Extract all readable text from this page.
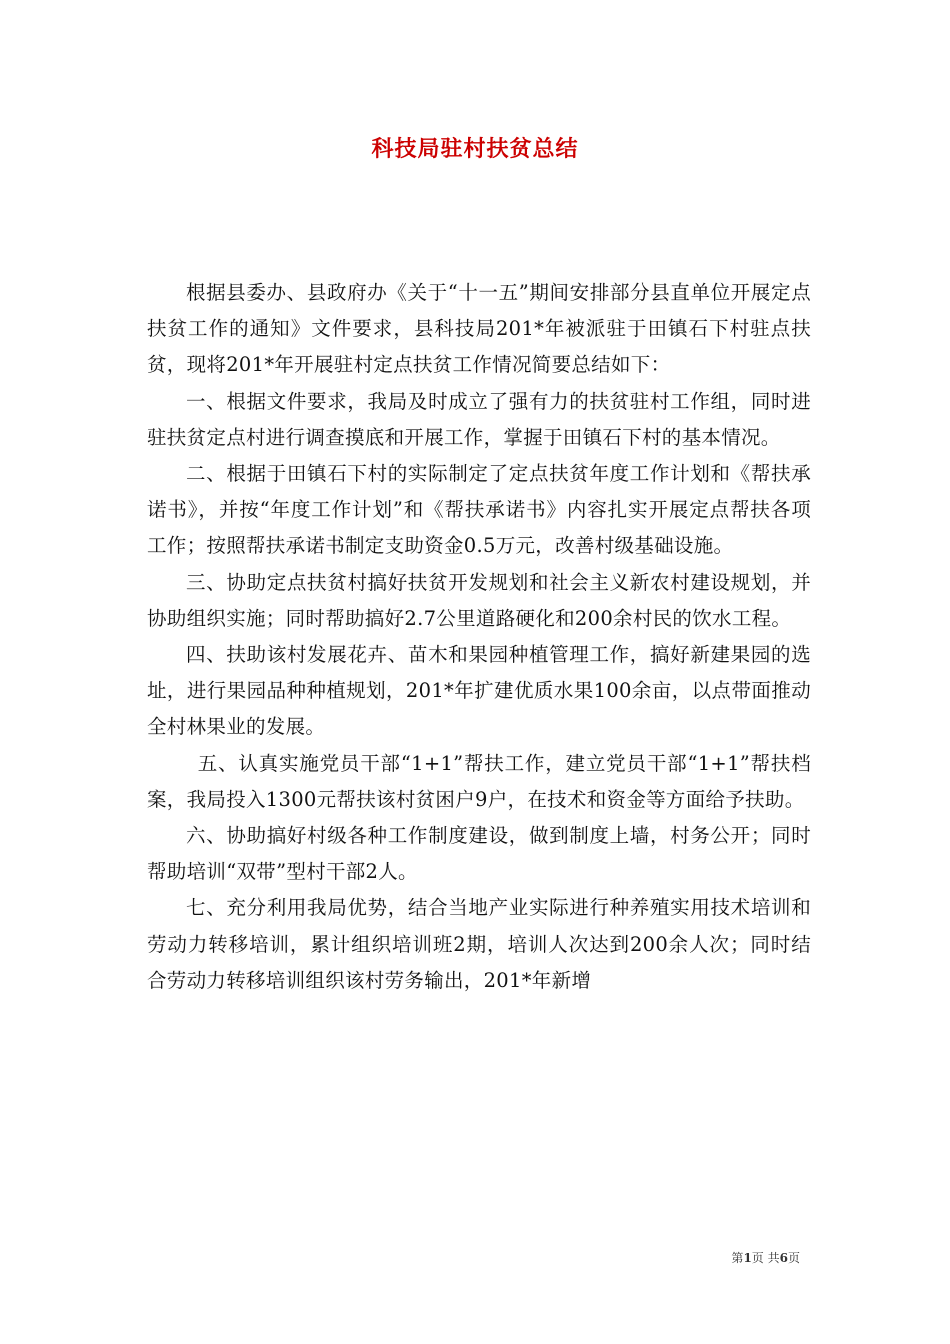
科技局驻村扶贫总结

根据县委办、县政府办《关于“十一五”期间安排部分县直单位开展定点扶贫工作的通知》文件要求，县科技局201*年被派驻于田镇石下村驻点扶贫，现将201*年开展驻村定点扶贫工作情况简要总结如下：

一、根据文件要求，我局及时成立了强有力的扶贫驻村工作组，同时进驻扶贫定点村进行调查摸底和开展工作，掌握于田镇石下村的基本情况。

二、根据于田镇石下村的实际制定了定点扶贫年度工作计划和《帮扶承诺书》，并按“年度工作计划”和《帮扶承诺书》内容扎实开展定点帮扶各项工作；按照帮扶承诺书制定支助资金0.5万元，改善村级基础设施。

三、协助定点扶贫村搞好扶贫开发规划和社会主义新农村建设规划，并协助组织实施；同时帮助搞好2.7公里道路硬化和200余村民的饮水工程。

四、扶助该村发展花卉、苗木和果园种植管理工作，搞好新建果园的选址，进行果园品种种植规划，201*年扩建优质水果100余亩，以点带面推动全村林果业的发展。

五、认真实施党员干部“1+1”帮扶工作，建立党员干部“1+1”帮扶档案，我局投入1300元帮扶该村贫困户9户，在技术和资金等方面给予扶助。

六、协助搞好村级各种工作制度建设，做到制度上墙，村务公开；同时帮助培训“双带”型村干部2人。

七、充分利用我局优势，结合当地产业实际进行种养殖实用技术培训和劳动力转移培训，累计组织培训班2期，培训人次达到200余人次；同时结合劳动力转移培训组织该村劳务输出，201*年新增

第1页 共6页
